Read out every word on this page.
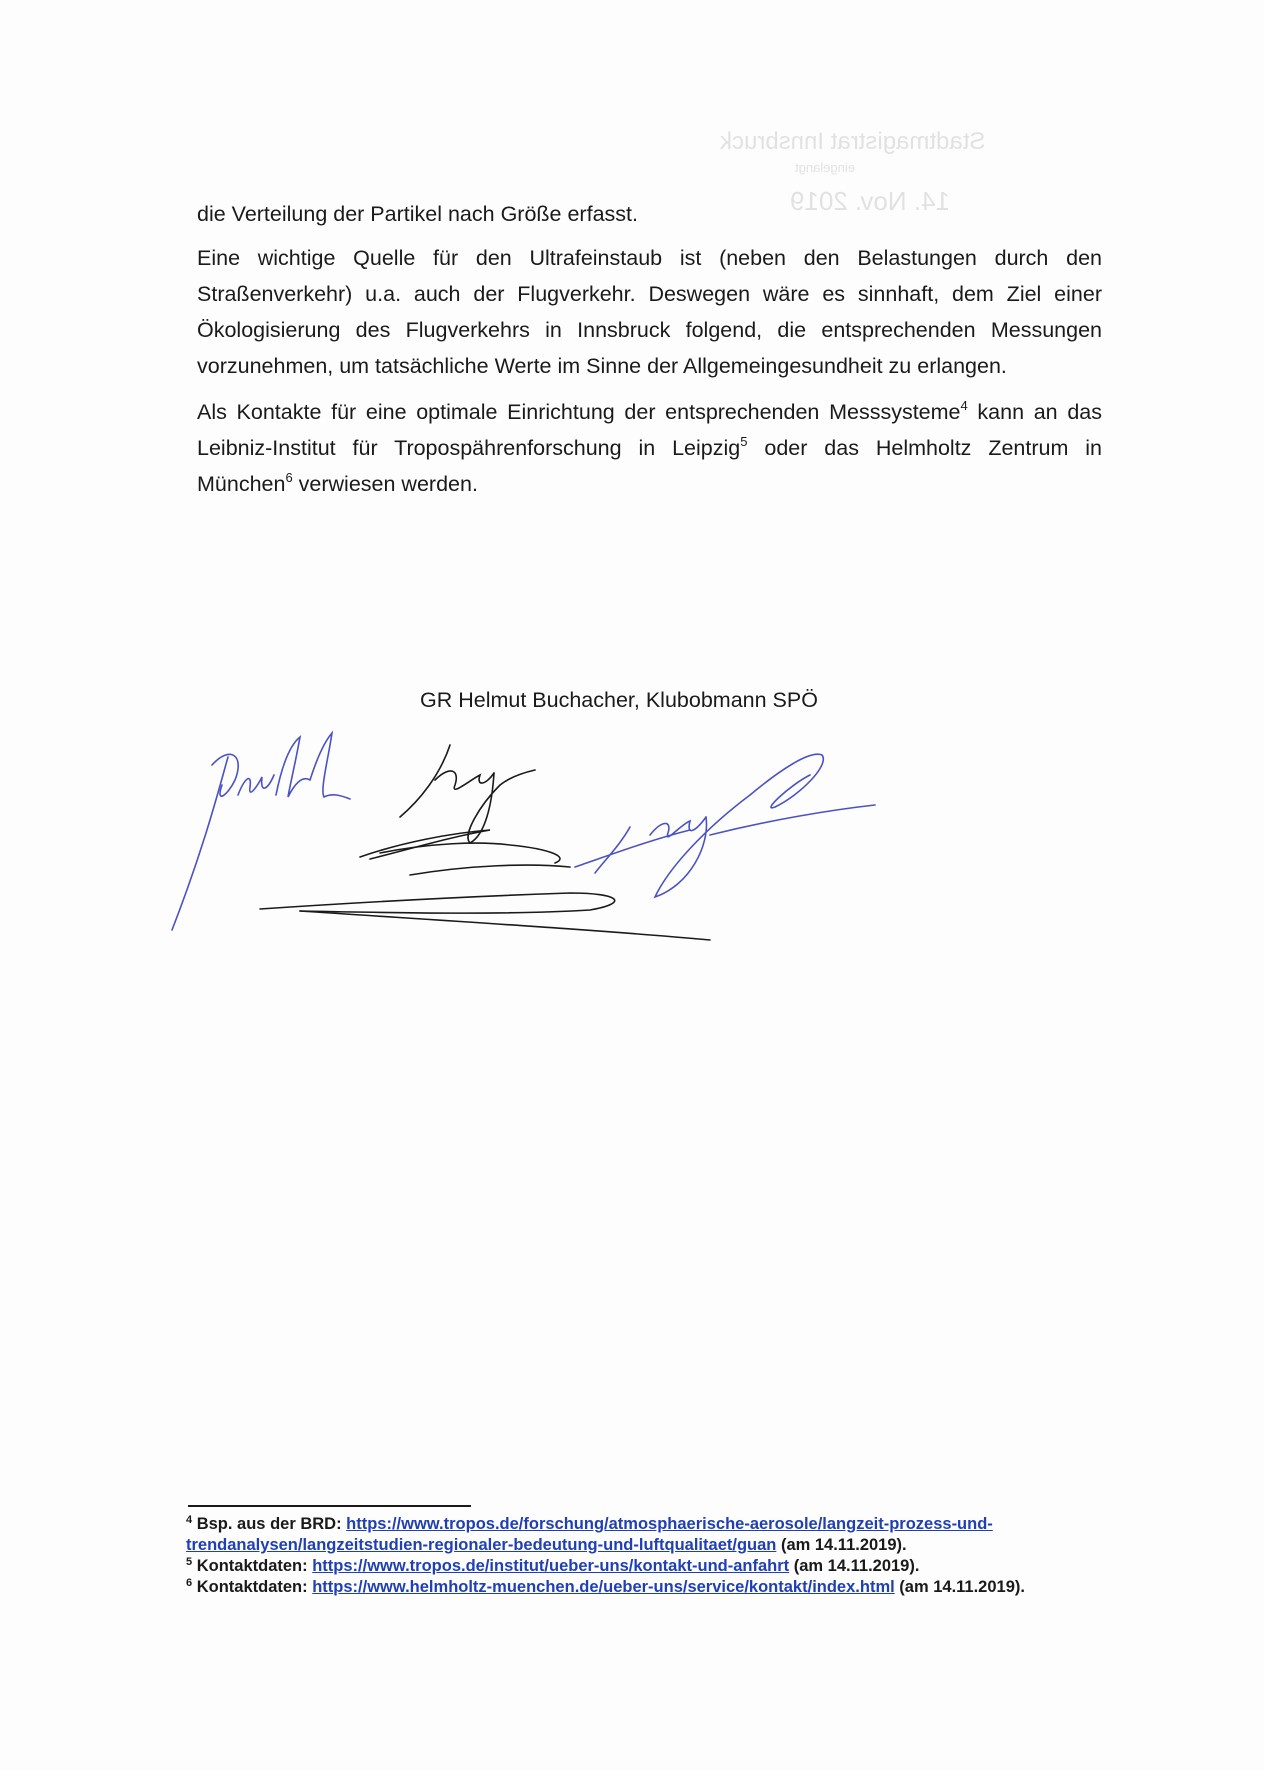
Stadtmagistrat Innsbruck
eingelangt
14. Nov. 2019

die Verteilung der Partikel nach Größe erfasst.

Eine wichtige Quelle für den Ultrafeinstaub ist (neben den Belastungen durch den Straßenverkehr) u.a. auch der Flugverkehr. Deswegen wäre es sinnhaft, dem Ziel einer Ökologisierung des Flugverkehrs in Innsbruck folgend, die entsprechenden Messungen vorzunehmen, um tatsächliche Werte im Sinne der Allgemeingesundheit zu erlangen.

Als Kontakte für eine optimale Einrichtung der entsprechenden Messsysteme$^4$ kann an das Leibniz-Institut für Tropospährenforschung in Leipzig$^5$ oder das Helmholtz Zentrum in München$^6$ verwiesen werden.

GR Helmut Buchacher, Klubobmann SPÖ

$^4$ Bsp. aus der BRD: https://www.tropos.de/forschung/atmosphaerische-aerosole/langzeit-prozess-und-trendanalysen/langzeitstudien-regionaler-bedeutung-und-luftqualitaet/guan (am 14.11.2019).

$^5$ Kontaktdaten: https://www.tropos.de/institut/ueber-uns/kontakt-und-anfahrt (am 14.11.2019).

$^6$ Kontaktdaten: https://www.helmholtz-muenchen.de/ueber-uns/service/kontakt/index.html (am 14.11.2019).
